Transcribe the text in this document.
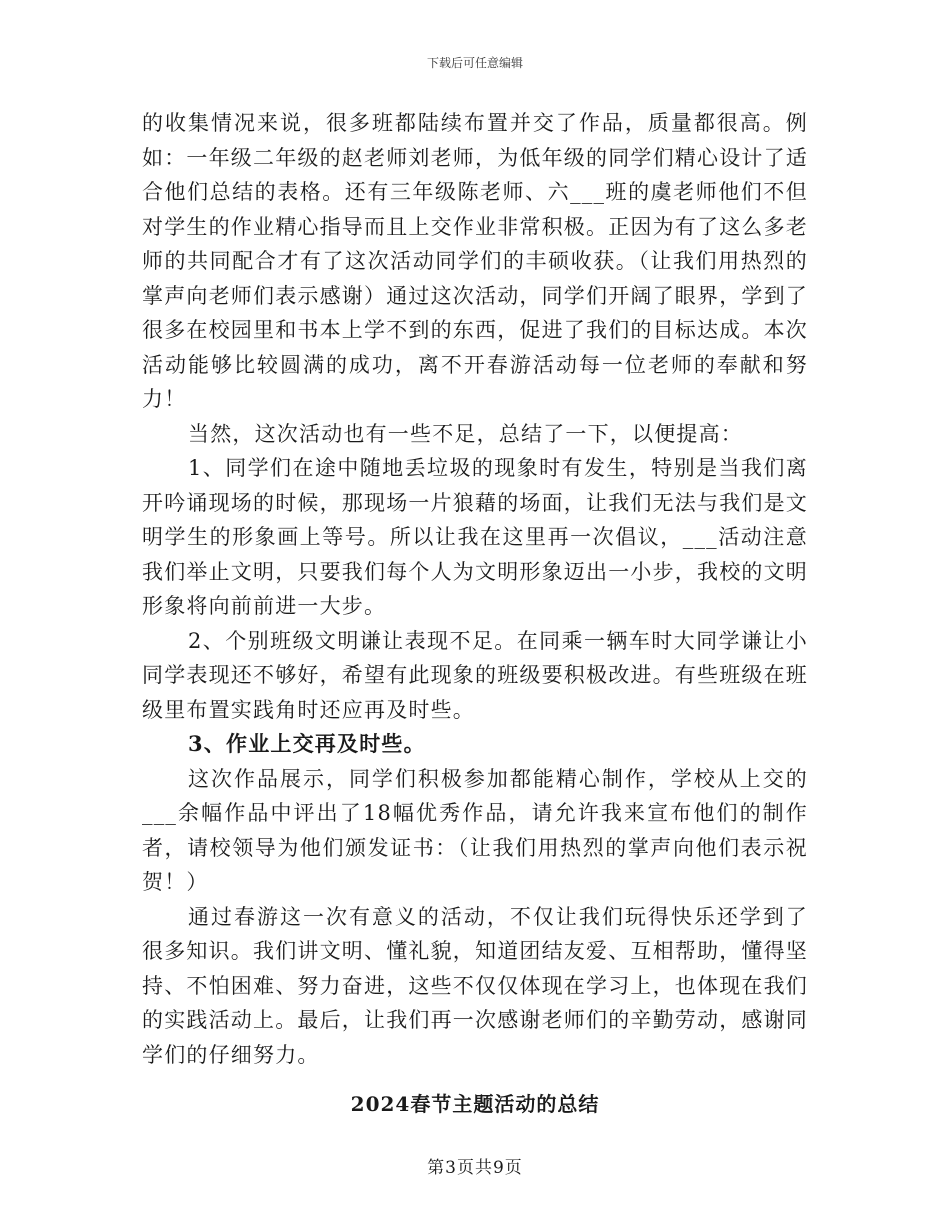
下载后可任意编辑

的收集情况来说，很多班都陆续布置并交了作品，质量都很高。例如：一年级二年级的赵老师刘老师，为低年级的同学们精心设计了适合他们总结的表格。还有三年级陈老师、六___班的虞老师他们不但对学生的作业精心指导而且上交作业非常积极。正因为有了这么多老师的共同配合才有了这次活动同学们的丰硕收获。（让我们用热烈的掌声向老师们表示感谢）通过这次活动，同学们开阔了眼界，学到了很多在校园里和书本上学不到的东西，促进了我们的目标达成。本次活动能够比较圆满的成功，离不开春游活动每一位老师的奉献和努力！

当然，这次活动也有一些不足，总结了一下，以便提高：

1、同学们在途中随地丢垃圾的现象时有发生，特别是当我们离开吟诵现场的时候，那现场一片狼藉的场面，让我们无法与我们是文明学生的形象画上等号。所以让我在这里再一次倡议，___活动注意我们举止文明，只要我们每个人为文明形象迈出一小步，我校的文明形象将向前前进一大步。

2、个别班级文明谦让表现不足。在同乘一辆车时大同学谦让小同学表现还不够好，希望有此现象的班级要积极改进。有些班级在班级里布置实践角时还应再及时些。

3、作业上交再及时些。

这次作品展示，同学们积极参加都能精心制作，学校从上交的___余幅作品中评出了18幅优秀作品，请允许我来宣布他们的制作者，请校领导为他们颁发证书：（让我们用热烈的掌声向他们表示祝贺！）

通过春游这一次有意义的活动，不仅让我们玩得快乐还学到了很多知识。我们讲文明、懂礼貌，知道团结友爱、互相帮助，懂得坚持、不怕困难、努力奋进，这些不仅仅体现在学习上，也体现在我们的实践活动上。最后，让我们再一次感谢老师们的辛勤劳动，感谢同学们的仔细努力。

2024春节主题活动的总结
第3页共9页
